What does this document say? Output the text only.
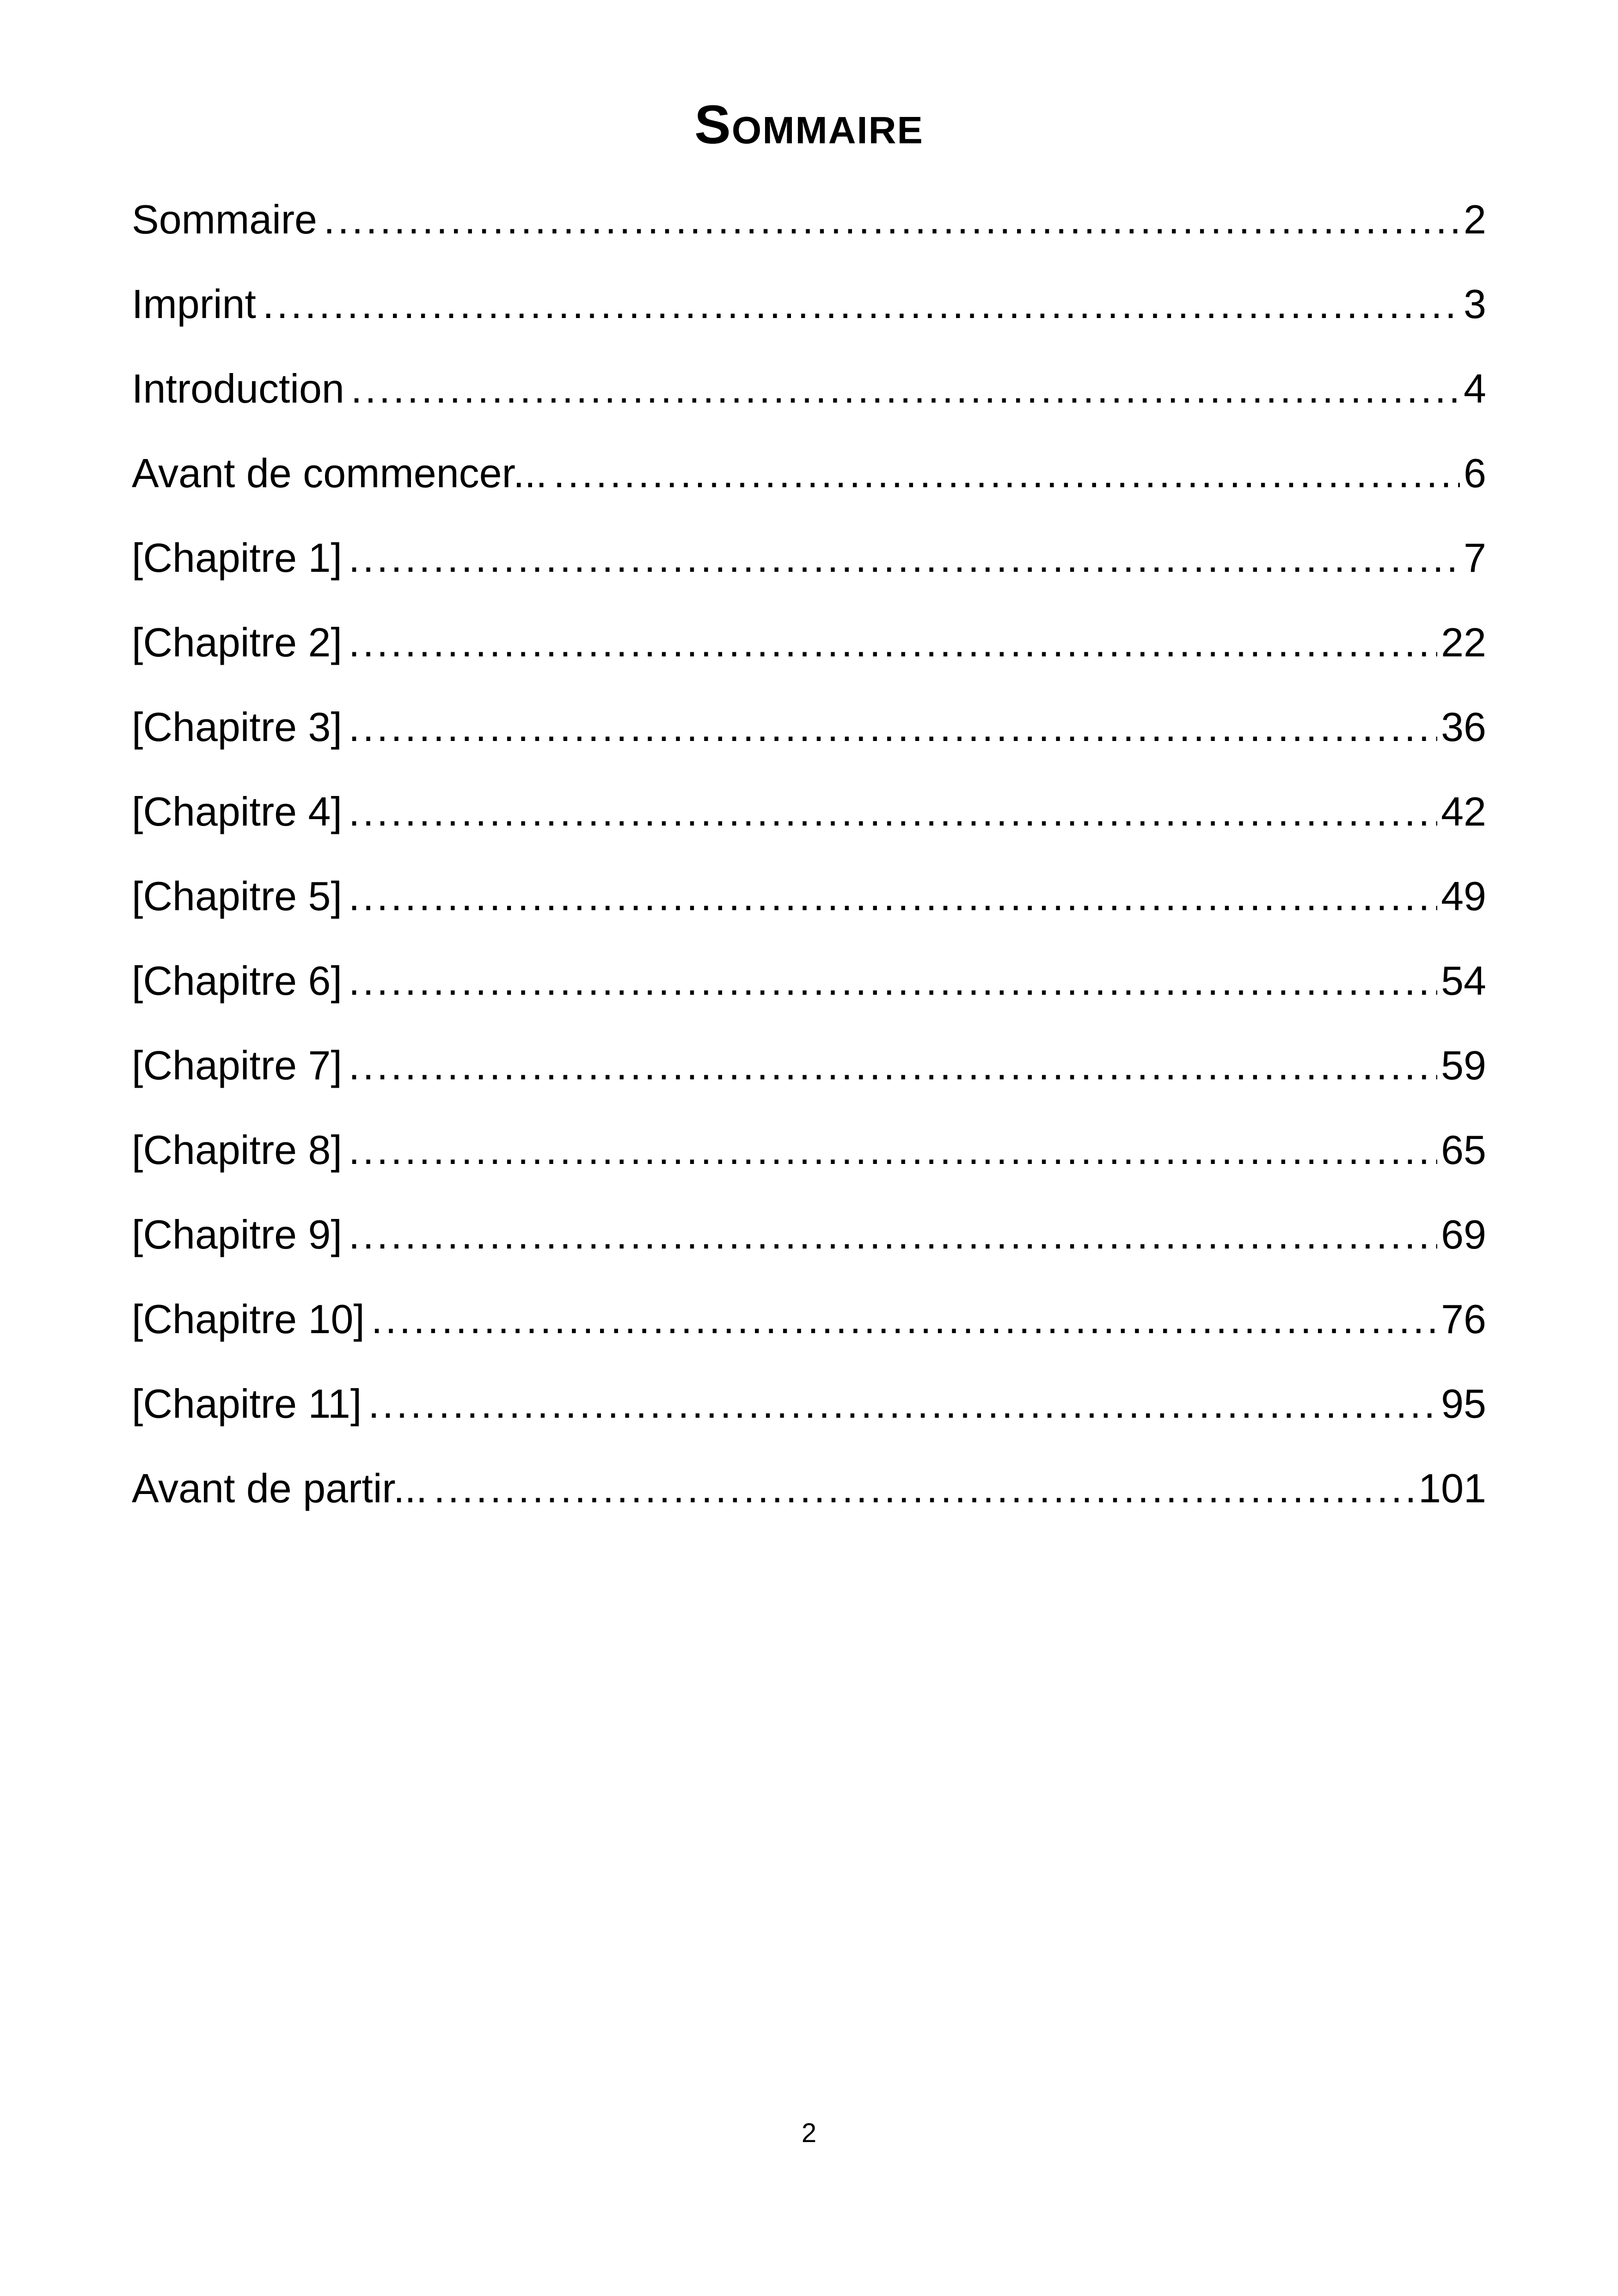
Sommaire
Sommaire .....	2
Imprint .....	3
Introduction .....	4
Avant de commencer... .....	6
[Chapitre 1] .....	7
[Chapitre 2] .....	22
[Chapitre 3] .....	36
[Chapitre 4] .....	42
[Chapitre 5] .....	49
[Chapitre 6] .....	54
[Chapitre 7] .....	59
[Chapitre 8] .....	65
[Chapitre 9] .....	69
[Chapitre 10] .....	76
[Chapitre 11] .....	95
Avant de partir... .....	101
2
